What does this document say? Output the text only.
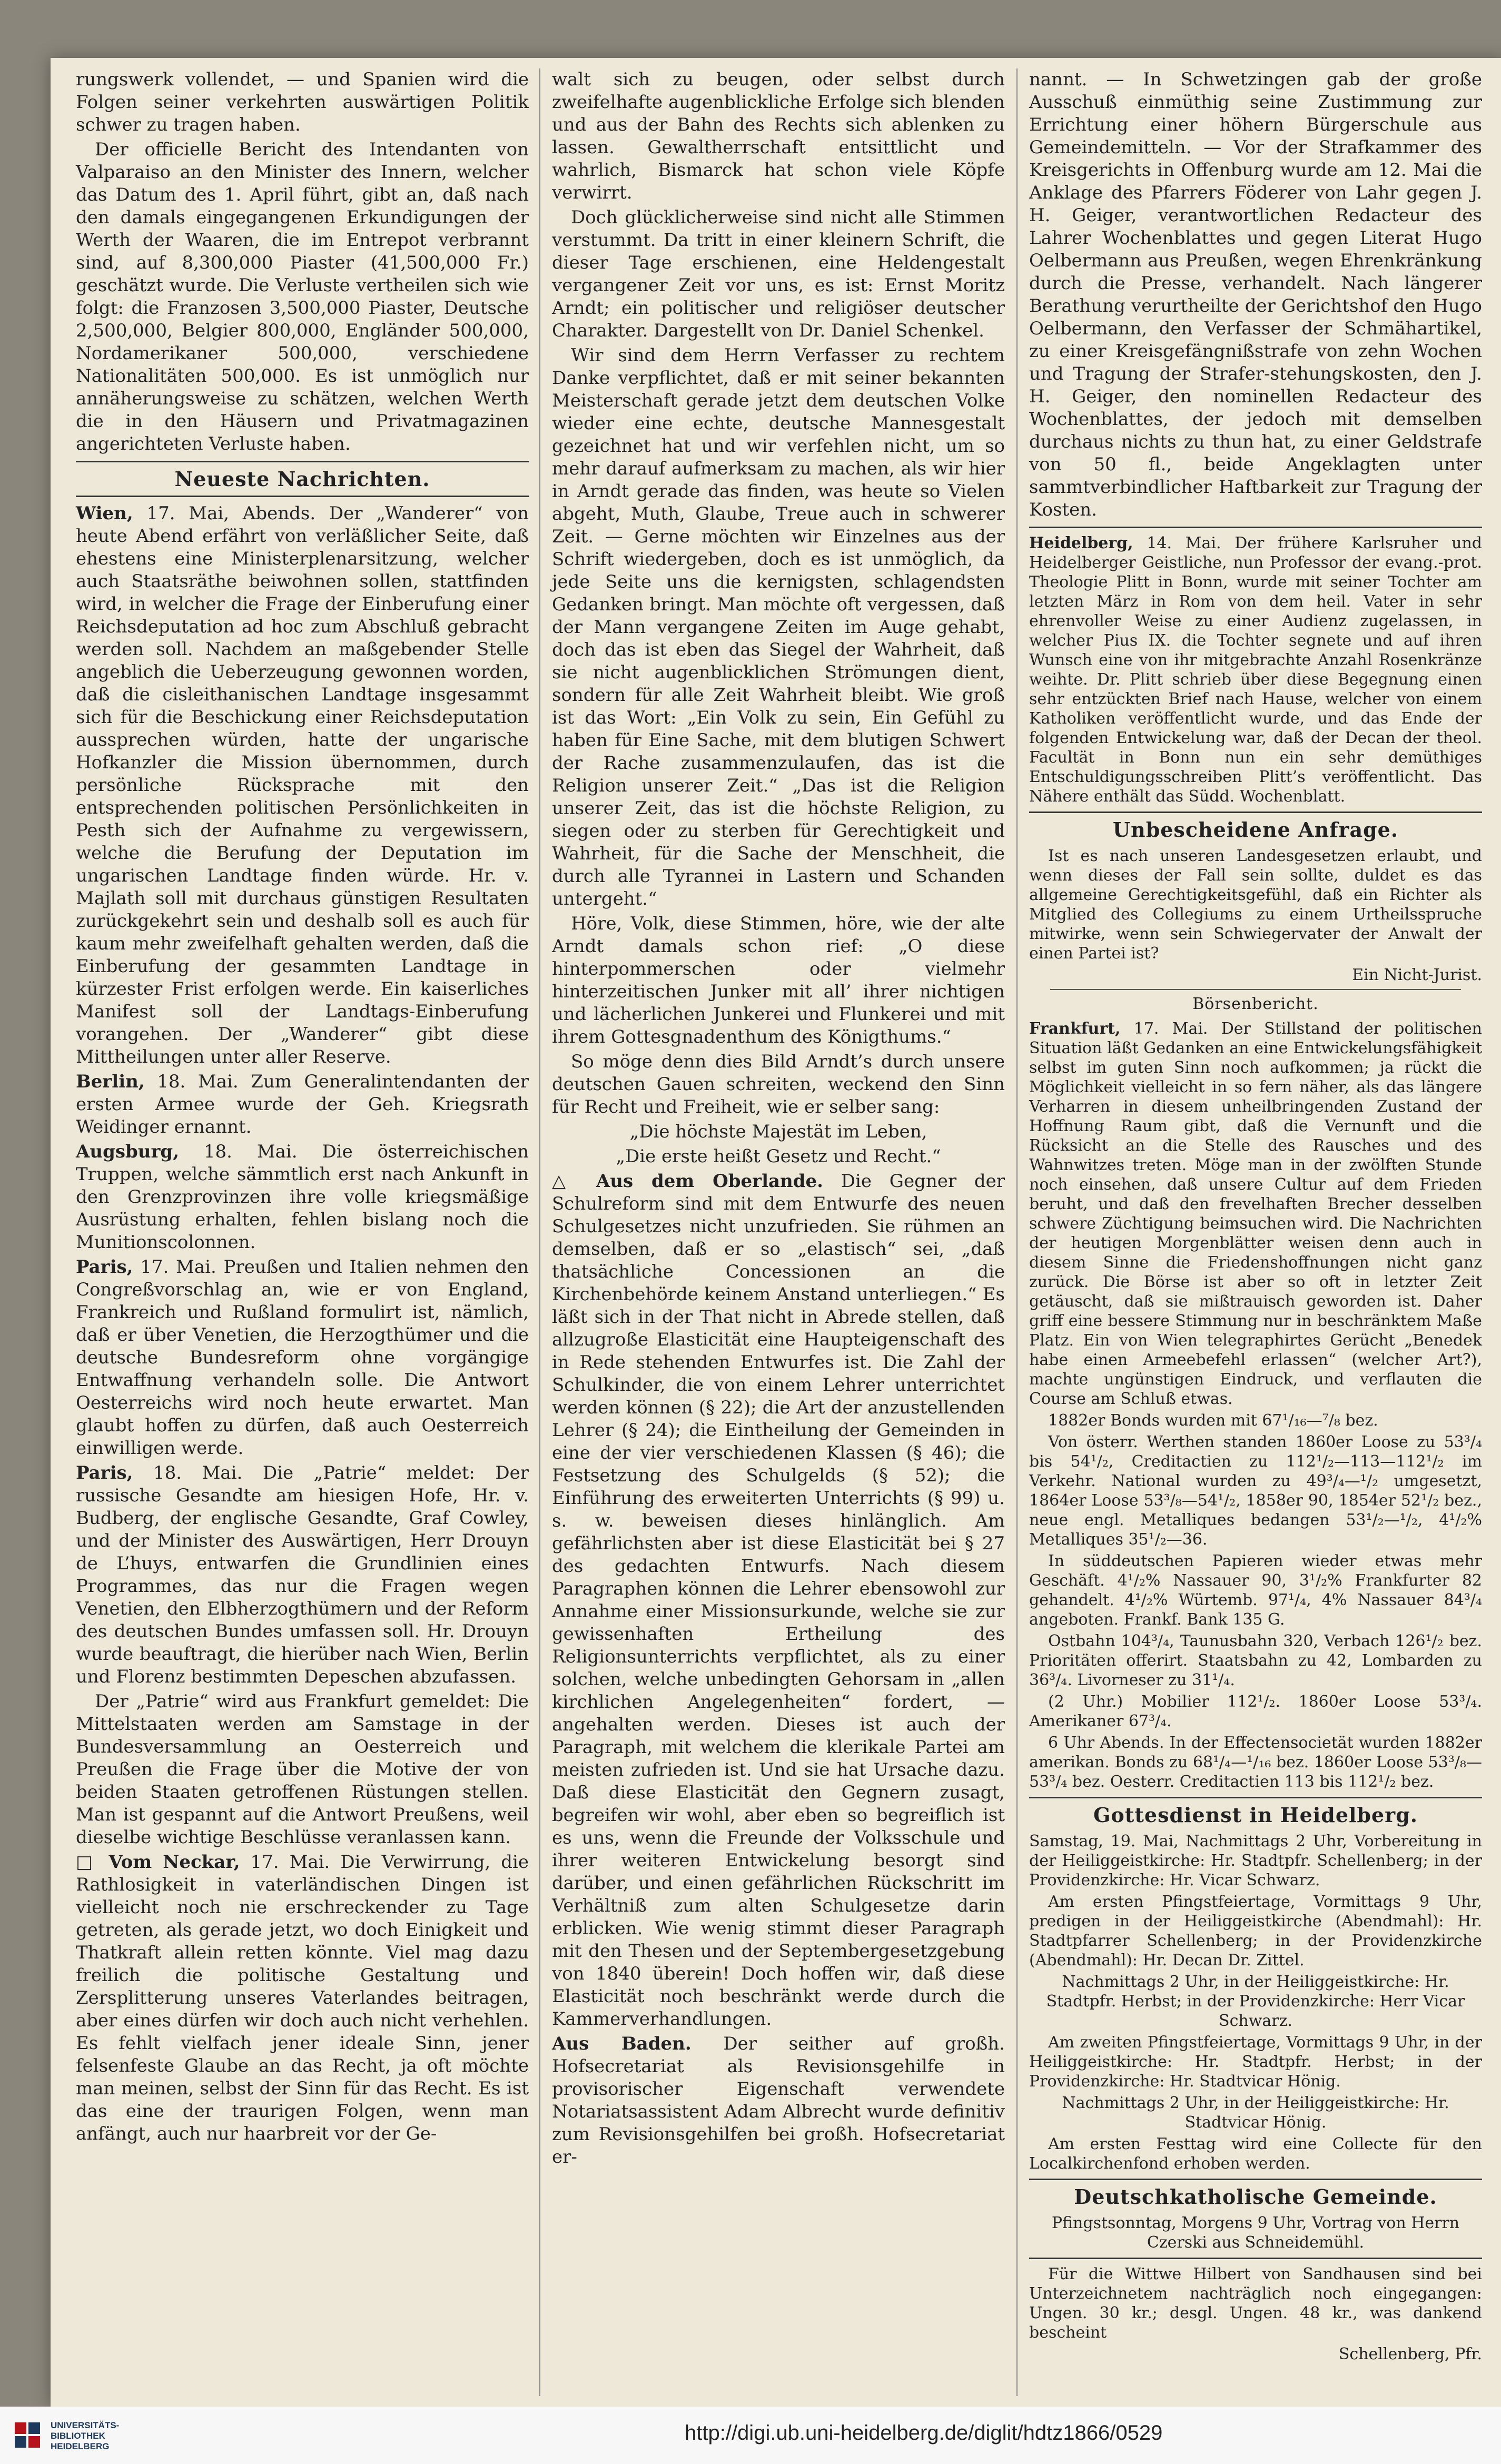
rungswerk vollendet, — und Spanien wird die Folgen seiner verkehrten auswärtigen Politik schwer zu tragen haben.

Der officielle Bericht des Intendanten von Valparaiso an den Minister des Innern, welcher das Datum des 1. April führt, gibt an, daß nach den damals eingegangenen Erkundigungen der Werth der Waaren, die im Entrepot verbrannt sind, auf 8,300,000 Piaster (41,500,000 Fr.) geschätzt wurde. Die Verluste vertheilen sich wie folgt: die Franzosen 3,500,000 Piaster, Deutsche 2,500,000, Belgier 800,000, Engländer 500,000, Nordamerikaner 500,000, verschiedene Nationalitäten 500,000. Es ist unmöglich nur annäherungsweise zu schätzen, welchen Werth die in den Häusern und Privatmagazinen angerichteten Verluste haben.

Neueste Nachrichten.

Wien, 17. Mai, Abends. Der „Wanderer“ von heute Abend erfährt von verläßlicher Seite, daß ehestens eine Ministerplenarsitzung, welcher auch Staatsräthe beiwohnen sollen, stattfinden wird, in welcher die Frage der Einberufung einer Reichsdeputation ad hoc zum Abschluß gebracht werden soll. Nachdem an maßgebender Stelle angeblich die Ueberzeugung gewonnen worden, daß die cisleithanischen Landtage insgesammt sich für die Beschickung einer Reichsdeputation aussprechen würden, hatte der ungarische Hofkanzler die Mission übernommen, durch persönliche Rücksprache mit den entsprechenden politischen Persönlichkeiten in Pesth sich der Aufnahme zu vergewissern, welche die Berufung der Deputation im ungarischen Landtage finden würde. Hr. v. Majlath soll mit durchaus günstigen Resultaten zurückgekehrt sein und deshalb soll es auch für kaum mehr zweifelhaft gehalten werden, daß die Einberufung der gesammten Landtage in kürzester Frist erfolgen werde. Ein kaiserliches Manifest soll der Landtags-Einberufung vorangehen. Der „Wanderer“ gibt diese Mittheilungen unter aller Reserve.

Berlin, 18. Mai. Zum Generalintendanten der ersten Armee wurde der Geh. Kriegsrath Weidinger ernannt.

Augsburg, 18. Mai. Die österreichischen Truppen, welche sämmtlich erst nach Ankunft in den Grenzprovinzen ihre volle kriegsmäßige Ausrüstung erhalten, fehlen bislang noch die Munitionscolonnen.

Paris, 17. Mai. Preußen und Italien nehmen den Congreßvorschlag an, wie er von England, Frankreich und Rußland formulirt ist, nämlich, daß er über Venetien, die Herzogthümer und die deutsche Bundesreform ohne vorgängige Entwaffnung verhandeln solle. Die Antwort Oesterreichs wird noch heute erwartet. Man glaubt hoffen zu dürfen, daß auch Oesterreich einwilligen werde.

Paris, 18. Mai. Die „Patrie“ meldet: Der russische Gesandte am hiesigen Hofe, Hr. v. Budberg, der englische Gesandte, Graf Cowley, und der Minister des Auswärtigen, Herr Drouyn de L’huys, entwarfen die Grundlinien eines Programmes, das nur die Fragen wegen Venetien, den Elbherzogthümern und der Reform des deutschen Bundes umfassen soll. Hr. Drouyn wurde beauftragt, die hierüber nach Wien, Berlin und Florenz bestimmten Depeschen abzufassen.

Der „Patrie“ wird aus Frankfurt gemeldet: Die Mittelstaaten werden am Samstage in der Bundesversammlung an Oesterreich und Preußen die Frage über die Motive der von beiden Staaten getroffenen Rüstungen stellen. Man ist gespannt auf die Antwort Preußens, weil dieselbe wichtige Beschlüsse veranlassen kann.

□ Vom Neckar, 17. Mai. Die Verwirrung, die Rathlosigkeit in vaterländischen Dingen ist vielleicht noch nie erschreckender zu Tage getreten, als gerade jetzt, wo doch Einigkeit und Thatkraft allein retten könnte. Viel mag dazu freilich die politische Gestaltung und Zersplitterung unseres Vaterlandes beitragen, aber eines dürfen wir doch auch nicht verhehlen. Es fehlt vielfach jener ideale Sinn, jener felsenfeste Glaube an das Recht, ja oft möchte man meinen, selbst der Sinn für das Recht. Es ist das eine der traurigen Folgen, wenn man anfängt, auch nur haarbreit vor der Ge-

walt sich zu beugen, oder selbst durch zweifelhafte augenblickliche Erfolge sich blenden und aus der Bahn des Rechts sich ablenken zu lassen. Gewaltherrschaft entsittlicht und wahrlich, Bismarck hat schon viele Köpfe verwirrt.

Doch glücklicherweise sind nicht alle Stimmen verstummt. Da tritt in einer kleinern Schrift, die dieser Tage erschienen, eine Heldengestalt vergangener Zeit vor uns, es ist: Ernst Moritz Arndt; ein politischer und religiöser deutscher Charakter. Dargestellt von Dr. Daniel Schenkel.

Wir sind dem Herrn Verfasser zu rechtem Danke verpflichtet, daß er mit seiner bekannten Meisterschaft gerade jetzt dem deutschen Volke wieder eine echte, deutsche Mannesgestalt gezeichnet hat und wir verfehlen nicht, um so mehr darauf aufmerksam zu machen, als wir hier in Arndt gerade das finden, was heute so Vielen abgeht, Muth, Glaube, Treue auch in schwerer Zeit. — Gerne möchten wir Einzelnes aus der Schrift wiedergeben, doch es ist unmöglich, da jede Seite uns die kernigsten, schlagendsten Gedanken bringt. Man möchte oft vergessen, daß der Mann vergangene Zeiten im Auge gehabt, doch das ist eben das Siegel der Wahrheit, daß sie nicht augenblicklichen Strömungen dient, sondern für alle Zeit Wahrheit bleibt. Wie groß ist das Wort: „Ein Volk zu sein, Ein Gefühl zu haben für Eine Sache, mit dem blutigen Schwert der Rache zusammenzulaufen, das ist die Religion unserer Zeit.“ „Das ist die Religion unserer Zeit, das ist die höchste Religion, zu siegen oder zu sterben für Gerechtigkeit und Wahrheit, für die Sache der Menschheit, die durch alle Tyrannei in Lastern und Schanden untergeht.“

Höre, Volk, diese Stimmen, höre, wie der alte Arndt damals schon rief: „O diese hinterpommerschen oder vielmehr hinterzeitischen Junker mit all’ ihrer nichtigen und lächerlichen Junkerei und Flunkerei und mit ihrem Gottesgnadenthum des Königthums.“

So möge denn dies Bild Arndt’s durch unsere deutschen Gauen schreiten, weckend den Sinn für Recht und Freiheit, wie er selber sang:

„Die höchste Majestät im Leben,

„Die erste heißt Gesetz und Recht.“

△ Aus dem Oberlande. Die Gegner der Schulreform sind mit dem Entwurfe des neuen Schulgesetzes nicht unzufrieden. Sie rühmen an demselben, daß er so „elastisch“ sei, „daß thatsächliche Concessionen an die Kirchenbehörde keinem Anstand unterliegen.“ Es läßt sich in der That nicht in Abrede stellen, daß allzugroße Elasticität eine Haupteigenschaft des in Rede stehenden Entwurfes ist. Die Zahl der Schulkinder, die von einem Lehrer unterrichtet werden können (§ 22); die Art der anzustellenden Lehrer (§ 24); die Eintheilung der Gemeinden in eine der vier verschiedenen Klassen (§ 46); die Festsetzung des Schulgelds (§ 52); die Einführung des erweiterten Unterrichts (§ 99) u. s. w. beweisen dieses hinlänglich. Am gefährlichsten aber ist diese Elasticität bei § 27 des gedachten Entwurfs. Nach diesem Paragraphen können die Lehrer ebensowohl zur Annahme einer Missionsurkunde, welche sie zur gewissenhaften Ertheilung des Religionsunterrichts verpflichtet, als zu einer solchen, welche unbedingten Gehorsam in „allen kirchlichen Angelegenheiten“ fordert, — angehalten werden. Dieses ist auch der Paragraph, mit welchem die klerikale Partei am meisten zufrieden ist. Und sie hat Ursache dazu. Daß diese Elasticität den Gegnern zusagt, begreifen wir wohl, aber eben so begreiflich ist es uns, wenn die Freunde der Volksschule und ihrer weiteren Entwickelung besorgt sind darüber, und einen gefährlichen Rückschritt im Verhältniß zum alten Schulgesetze darin erblicken. Wie wenig stimmt dieser Paragraph mit den Thesen und der Septembergesetzgebung von 1840 überein! Doch hoffen wir, daß diese Elasticität noch beschränkt werde durch die Kammerverhandlungen.

Aus Baden. Der seither auf großh. Hofsecretariat als Revisionsgehilfe in provisorischer Eigenschaft verwendete Notariatsassistent Adam Albrecht wurde definitiv zum Revisionsgehilfen bei großh. Hofsecretariat er-

nannt. — In Schwetzingen gab der große Ausschuß einmüthig seine Zustimmung zur Errichtung einer höhern Bürgerschule aus Gemeindemitteln. — Vor der Strafkammer des Kreisgerichts in Offenburg wurde am 12. Mai die Anklage des Pfarrers Föderer von Lahr gegen J. H. Geiger, verantwortlichen Redacteur des Lahrer Wochenblattes und gegen Literat Hugo Oelbermann aus Preußen, wegen Ehrenkränkung durch die Presse, verhandelt. Nach längerer Berathung verurtheilte der Gerichtshof den Hugo Oelbermann, den Verfasser der Schmähartikel, zu einer Kreisgefängnißstrafe von zehn Wochen und Tragung der Strafer-stehungskosten, den J. H. Geiger, den nominellen Redacteur des Wochenblattes, der jedoch mit demselben durchaus nichts zu thun hat, zu einer Geldstrafe von 50 fl., beide Angeklagten unter sammtverbindlicher Haftbarkeit zur Tragung der Kosten.

Heidelberg, 14. Mai. Der frühere Karlsruher und Heidelberger Geistliche, nun Professor der evang.-prot. Theologie Plitt in Bonn, wurde mit seiner Tochter am letzten März in Rom von dem heil. Vater in sehr ehrenvoller Weise zu einer Audienz zugelassen, in welcher Pius IX. die Tochter segnete und auf ihren Wunsch eine von ihr mitgebrachte Anzahl Rosenkränze weihte. Dr. Plitt schrieb über diese Begegnung einen sehr entzückten Brief nach Hause, welcher von einem Katholiken veröffentlicht wurde, und das Ende der folgenden Entwickelung war, daß der Decan der theol. Facultät in Bonn nun ein sehr demüthiges Entschuldigungsschreiben Plitt’s veröffentlicht. Das Nähere enthält das Südd. Wochenblatt.

Unbescheidene Anfrage.

Ist es nach unseren Landesgesetzen erlaubt, und wenn dieses der Fall sein sollte, duldet es das allgemeine Gerechtigkeitsgefühl, daß ein Richter als Mitglied des Collegiums zu einem Urtheilsspruche mitwirke, wenn sein Schwiegervater der Anwalt der einen Partei ist?

Ein Nicht-Jurist.

Börsenbericht.

Frankfurt, 17. Mai. Der Stillstand der politischen Situation läßt Gedanken an eine Entwickelungsfähigkeit selbst im guten Sinn noch aufkommen; ja rückt die Möglichkeit vielleicht in so fern näher, als das längere Verharren in diesem unheilbringenden Zustand der Hoffnung Raum gibt, daß die Vernunft und die Rücksicht an die Stelle des Rausches und des Wahnwitzes treten. Möge man in der zwölften Stunde noch einsehen, daß unsere Cultur auf dem Frieden beruht, und daß den frevelhaften Brecher desselben schwere Züchtigung beimsuchen wird. Die Nachrichten der heutigen Morgenblätter weisen denn auch in diesem Sinne die Friedenshoffnungen nicht ganz zurück. Die Börse ist aber so oft in letzter Zeit getäuscht, daß sie mißtrauisch geworden ist. Daher griff eine bessere Stimmung nur in beschränktem Maße Platz. Ein von Wien telegraphirtes Gerücht „Benedek habe einen Armeebefehl erlassen“ (welcher Art?), machte ungünstigen Eindruck, und verflauten die Course am Schluß etwas.

1882er Bonds wurden mit 67¹/₁₆—⁷/₈ bez.

Von österr. Werthen standen 1860er Loose zu 53³/₄ bis 54¹/₂, Creditactien zu 112¹/₂—113—112¹/₂ im Verkehr. National wurden zu 49³/₄—¹/₂ umgesetzt, 1864er Loose 53³/₈—54¹/₂, 1858er 90, 1854er 52¹/₂ bez., neue engl. Metalliques bedangen 53¹/₂—¹/₂, 4¹/₂% Metalliques 35¹/₂—36.

In süddeutschen Papieren wieder etwas mehr Geschäft. 4¹/₂% Nassauer 90, 3¹/₂% Frankfurter 82 gehandelt. 4¹/₂% Würtemb. 97¹/₄, 4% Nassauer 84³/₄ angeboten. Frankf. Bank 135 G.

Ostbahn 104³/₄, Taunusbahn 320, Verbach 126¹/₂ bez. Prioritäten offerirt. Staatsbahn zu 42, Lombarden zu 36³/₄. Livorneser zu 31¹/₄.

(2 Uhr.) Mobilier 112¹/₂. 1860er Loose 53³/₄. Amerikaner 67³/₄.

6 Uhr Abends. In der Effectensocietät wurden 1882er amerikan. Bonds zu 68¹/₄—¹/₁₆ bez. 1860er Loose 53³/₈—53³/₄ bez. Oesterr. Creditactien 113 bis 112¹/₂ bez.

Gottesdienst in Heidelberg.

Samstag, 19. Mai, Nachmittags 2 Uhr, Vorbereitung in der Heiliggeistkirche: Hr. Stadtpfr. Schellenberg; in der Providenzkirche: Hr. Vicar Schwarz.

Am ersten Pfingstfeiertage, Vormittags 9 Uhr, predigen in der Heiliggeistkirche (Abendmahl): Hr. Stadtpfarrer Schellenberg; in der Providenzkirche (Abendmahl): Hr. Decan Dr. Zittel.

Nachmittags 2 Uhr, in der Heiliggeistkirche: Hr. Stadtpfr. Herbst; in der Providenzkirche: Herr Vicar Schwarz.

Am zweiten Pfingstfeiertage, Vormittags 9 Uhr, in der Heiliggeistkirche: Hr. Stadtpfr. Herbst; in der Providenzkirche: Hr. Stadtvicar Hönig.

Nachmittags 2 Uhr, in der Heiliggeistkirche: Hr. Stadtvicar Hönig.

Am ersten Festtag wird eine Collecte für den Localkirchenfond erhoben werden.

Deutschkatholische Gemeinde.

Pfingstsonntag, Morgens 9 Uhr, Vortrag von Herrn Czerski aus Schneidemühl.

Für die Wittwe Hilbert von Sandhausen sind bei Unterzeichnetem nachträglich noch eingegangen: Ungen. 30 kr.; desgl. Ungen. 48 kr., was dankend bescheint

Schellenberg, Pfr.

UNIVERSITÄTS-
BIBLIOTHEK
HEIDELBERG
http://digi.ub.uni-heidelberg.de/diglit/hdtz1866/0529
